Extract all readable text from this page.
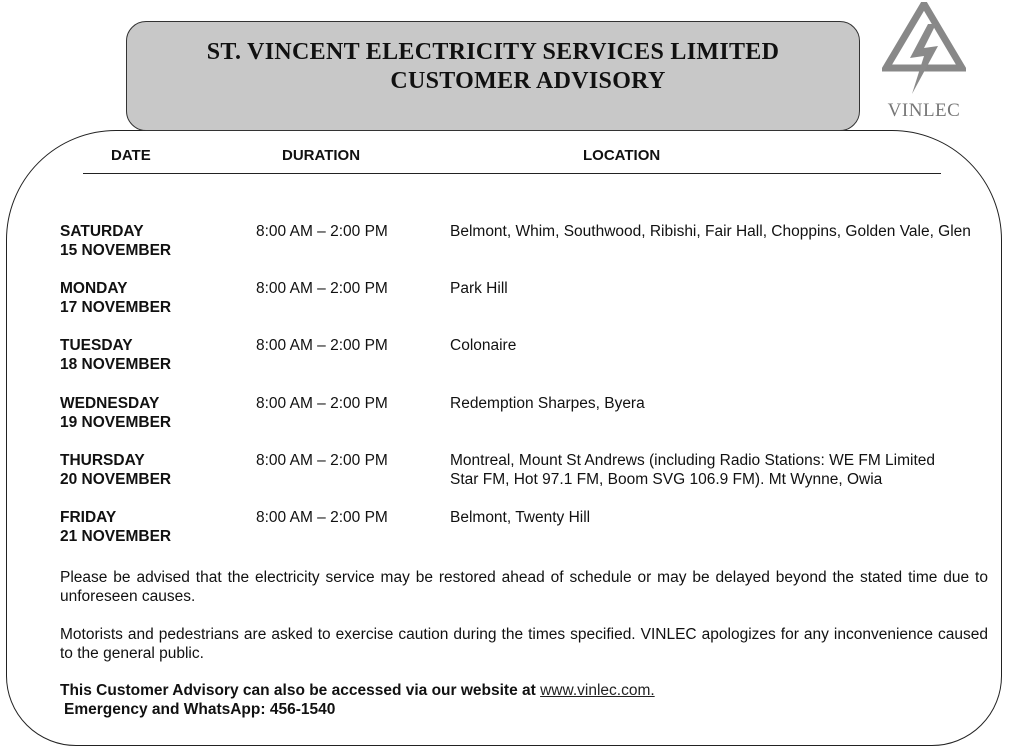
ST. VINCENT ELECTRICITY SERVICES LIMITED
CUSTOMER ADVISORY
VINLEC
DATE	DURATION	LOCATION
SATURDAY
15 NOVEMBER
8:00 AM – 2:00 PM	Belmont, Whim, Southwood, Ribishi, Fair Hall, Choppins, Golden Vale, Glen
MONDAY
17 NOVEMBER
8:00 AM – 2:00 PM	Park Hill
TUESDAY
18 NOVEMBER
8:00 AM – 2:00 PM	Colonaire
WEDNESDAY
19 NOVEMBER
8:00 AM – 2:00 PM	Redemption Sharpes, Byera
THURSDAY
20 NOVEMBER
8:00 AM – 2:00 PM	Montreal, Mount St Andrews (including Radio Stations: WE FM Limited
Star FM, Hot 97.1 FM, Boom SVG 106.9 FM). Mt Wynne, Owia
FRIDAY
21 NOVEMBER
8:00 AM – 2:00 PM	Belmont, Twenty Hill
Please be advised that the electricity service may be restored ahead of schedule or may be delayed beyond the stated time due to unforeseen causes.
Motorists and pedestrians are asked to exercise caution during the times specified. VINLEC apologizes for any inconvenience caused to the general public.
This Customer Advisory can also be accessed via our website at www.vinlec.com.
Emergency and WhatsApp: 456-1540
